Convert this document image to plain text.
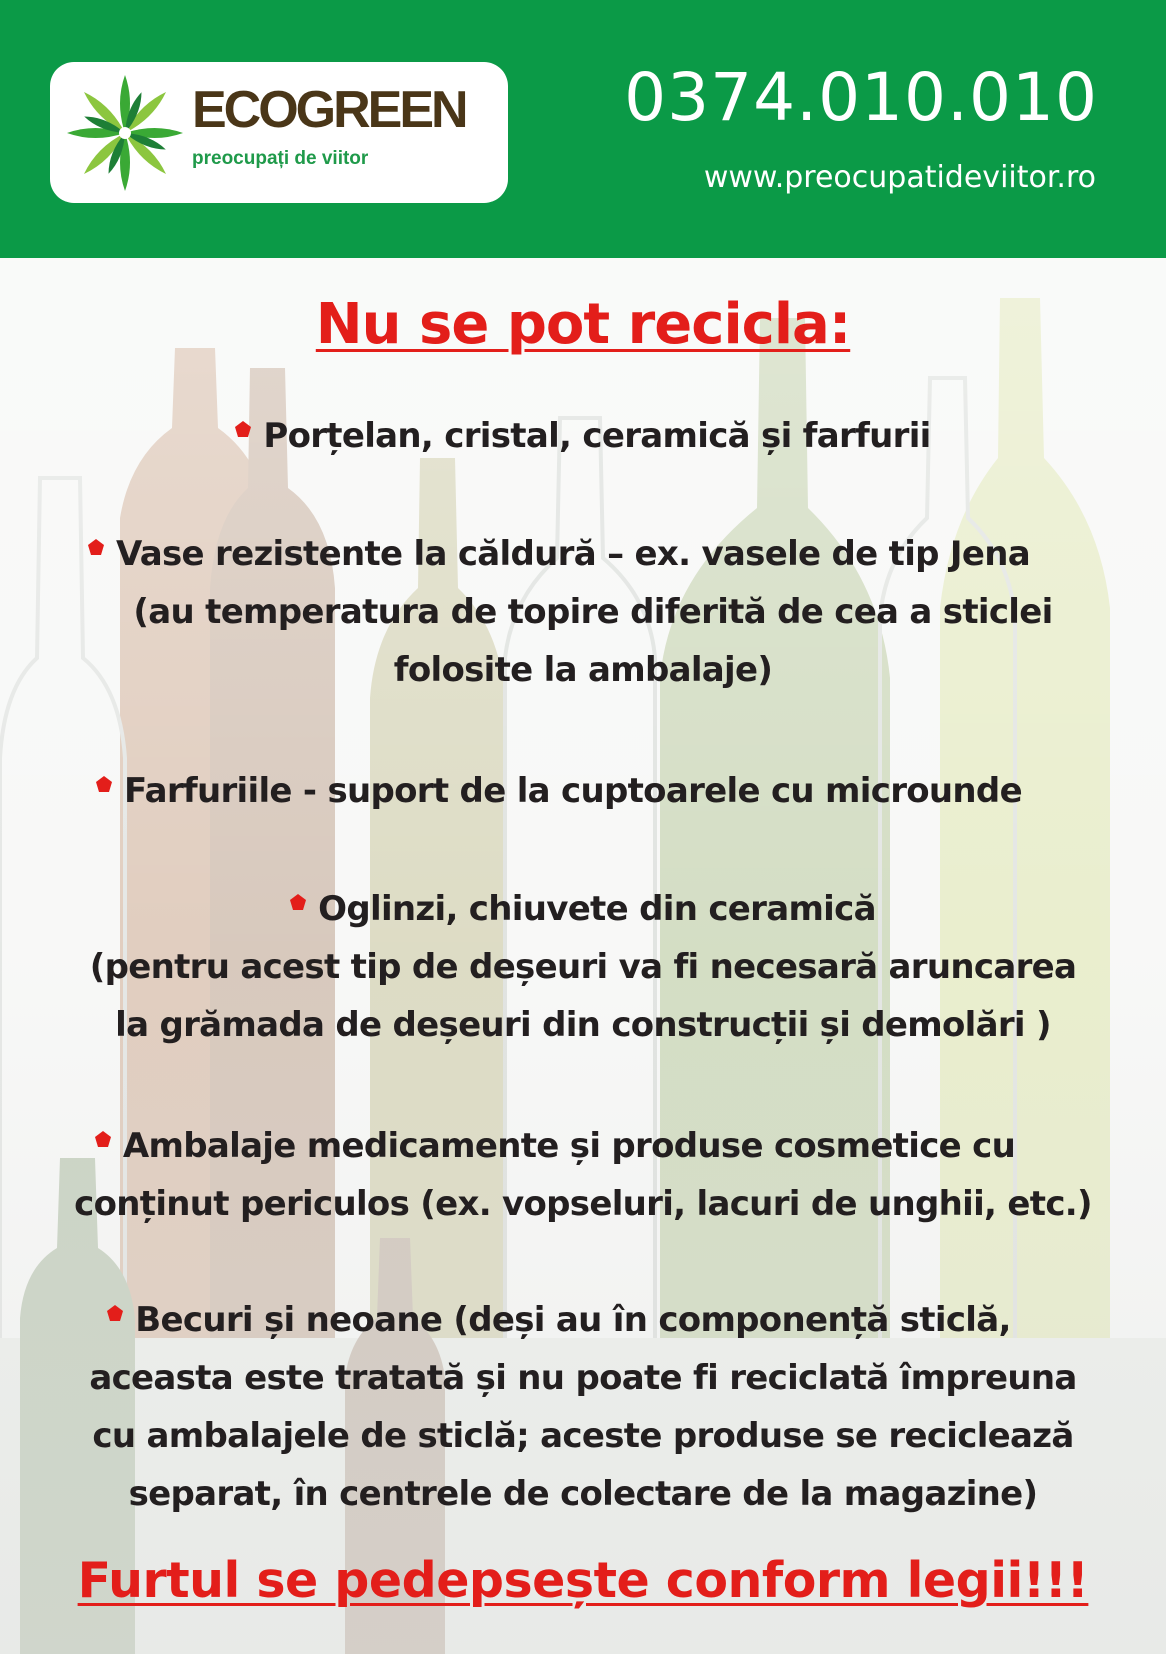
ECOGREEN
preocupați de viitor
0374.010.010
www.preocupatideviitor.ro
Nu se pot recicla:
Porțelan, cristal, ceramică și farfurii
Vase rezistente la căldură – ex. vasele de tip Jena
(au temperatura de topire diferită de cea a sticlei
folosite la ambalaje)
Farfuriile - suport de la cuptoarele cu microunde
Oglinzi, chiuvete din ceramică
(pentru acest tip de deșeuri va fi necesară aruncarea
la grămada de deșeuri din construcții și demolări )
Ambalaje medicamente și produse cosmetice cu
conținut periculos (ex. vopseluri, lacuri de unghii, etc.)
Becuri și neoane (deși au în componență sticlă,
aceasta este tratată și nu poate fi reciclată împreuna
cu ambalajele de sticlă; aceste produse se reciclează
separat, în centrele de colectare de la magazine)
Furtul se pedepsește conform legii!!!
